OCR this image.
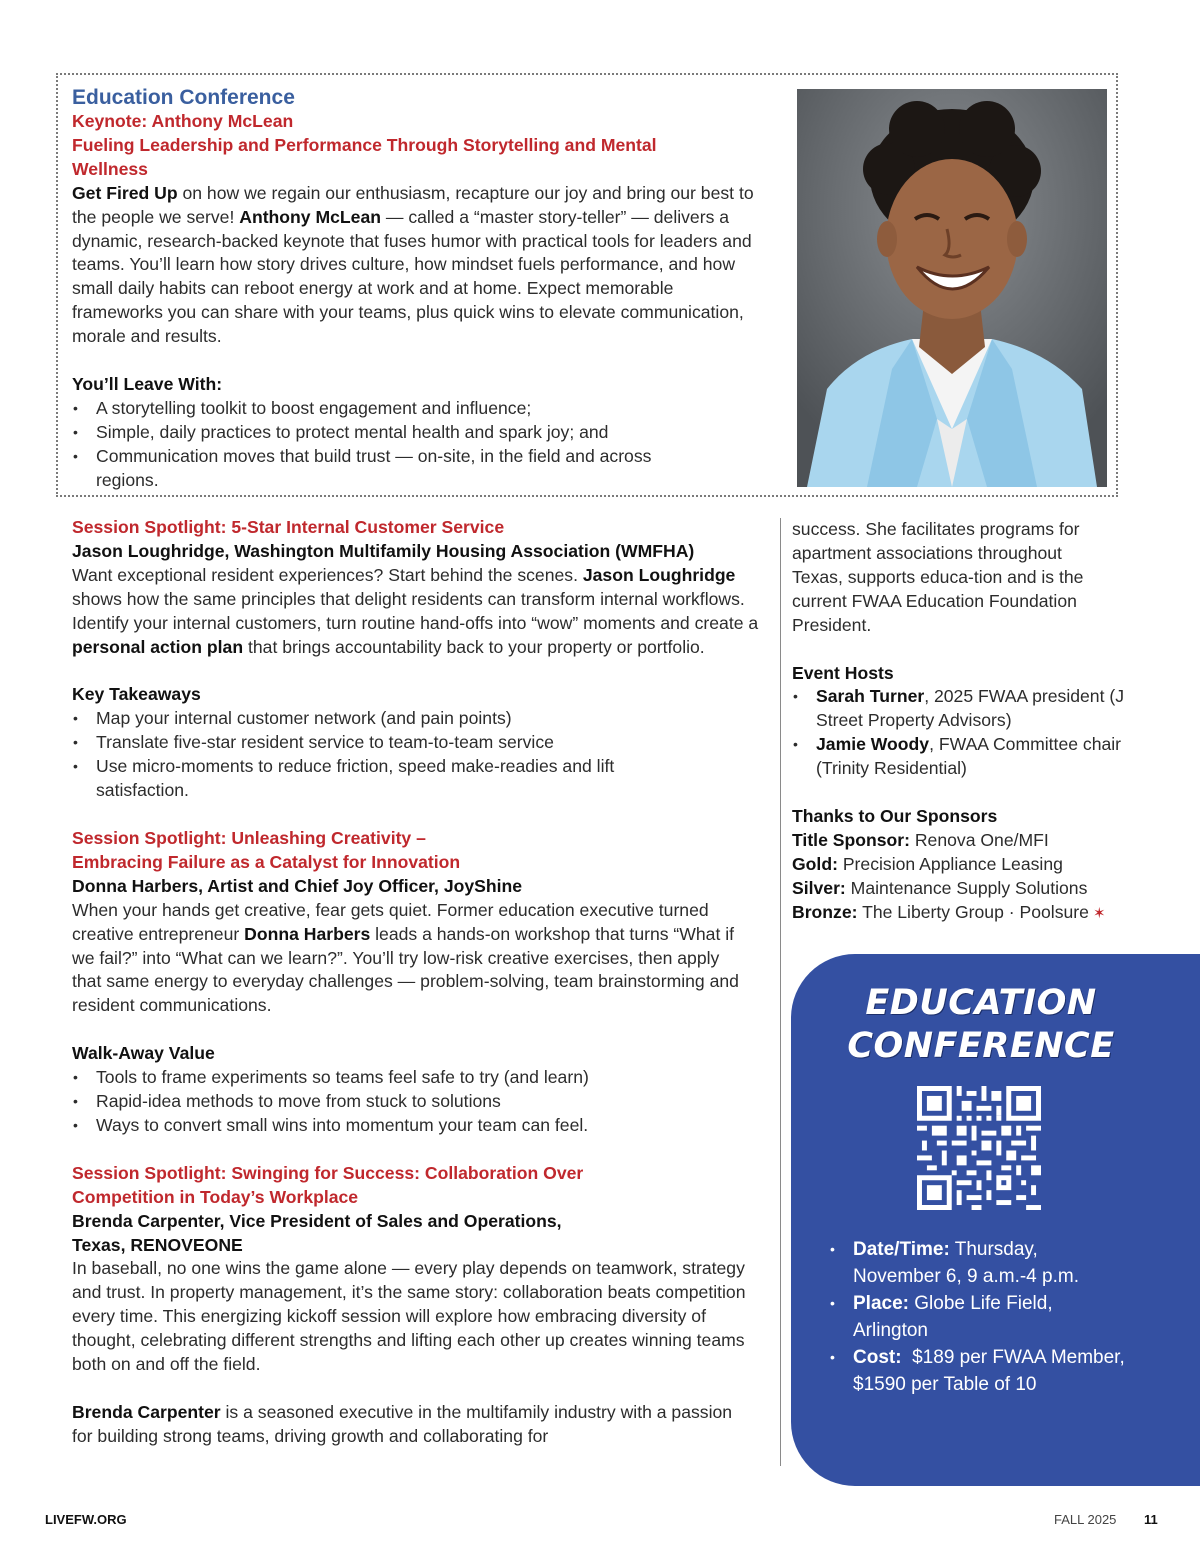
Education Conference

Keynote: Anthony McLean

Fueling Leadership and Performance Through Storytelling and Mental Wellness

Get Fired Up on how we regain our enthusiasm, recapture our joy and bring our best to the people we serve! Anthony McLean — called a “master story-teller” — delivers a dynamic, research-backed keynote that fuses humor with practical tools for leaders and teams. You’ll learn how story drives culture, how mindset fuels performance, and how small daily habits can reboot energy at work and at home. Expect memorable frameworks you can share with your teams, plus quick wins to elevate communication, morale and results.

You’ll Leave With:

• A storytelling toolkit to boost engagement and influence;
• Simple, daily practices to protect mental health and spark joy; and
• Communication moves that build trust — on-site, in the field and across regions.

Session Spotlight: 5-Star Internal Customer Service

Jason Loughridge, Washington Multifamily Housing Association (WMFHA)

Want exceptional resident experiences? Start behind the scenes. Jason Loughridge shows how the same principles that delight residents can transform internal workflows. Identify your internal customers, turn routine hand-offs into “wow” moments and create a personal action plan that brings accountability back to your property or portfolio.

Key Takeaways

• Map your internal customer network (and pain points)
• Translate five-star resident service to team-to-team service
• Use micro-moments to reduce friction, speed make-readies and lift satisfaction.

Session Spotlight: Unleashing Creativity –

Embracing Failure as a Catalyst for Innovation

Donna Harbers, Artist and Chief Joy Officer, JoyShine

When your hands get creative, fear gets quiet. Former education executive turned creative entrepreneur Donna Harbers leads a hands-on workshop that turns “What if we fail?” into “What can we learn?”. You’ll try low-risk creative exercises, then apply that same energy to everyday challenges — problem-solving, team brainstorming and resident communications.

Walk-Away Value

• Tools to frame experiments so teams feel safe to try (and learn)
• Rapid-idea methods to move from stuck to solutions
• Ways to convert small wins into momentum your team can feel.

Session Spotlight: Swinging for Success: Collaboration Over

Competition in Today’s Workplace

Brenda Carpenter, Vice President of Sales and Operations,

Texas, RENOVEONE

In baseball, no one wins the game alone — every play depends on teamwork, strategy and trust. In property management, it’s the same story: collaboration beats competition every time. This energizing kickoff session will explore how embracing diversity of thought, celebrating different strengths and lifting each other up creates winning teams both on and off the field.

Brenda Carpenter is a seasoned executive in the multifamily industry with a passion for building strong teams, driving growth and collaborating for

success. She facilitates programs for apartment associations throughout Texas, supports educa-tion and is the current FWAA Education Foundation President.

Event Hosts

• Sarah Turner, 2025 FWAA president (J Street Property Advisors)
• Jamie Woody, FWAA Committee chair (Trinity Residential)

Thanks to Our Sponsors

Title Sponsor: Renova One/MFI

Gold: Precision Appliance Leasing

Silver: Maintenance Supply Solutions

Bronze: The Liberty Group · Poolsure ✶

EDUCATION
CONFERENCE
• Date/Time: Thursday, November 6, 9 a.m.-4 p.m.
• Place: Globe Life Field, Arlington
• Cost:  $189 per FWAA Member, $1590 per Table of 10
LIVEFW.ORG	FALL 2025 11
